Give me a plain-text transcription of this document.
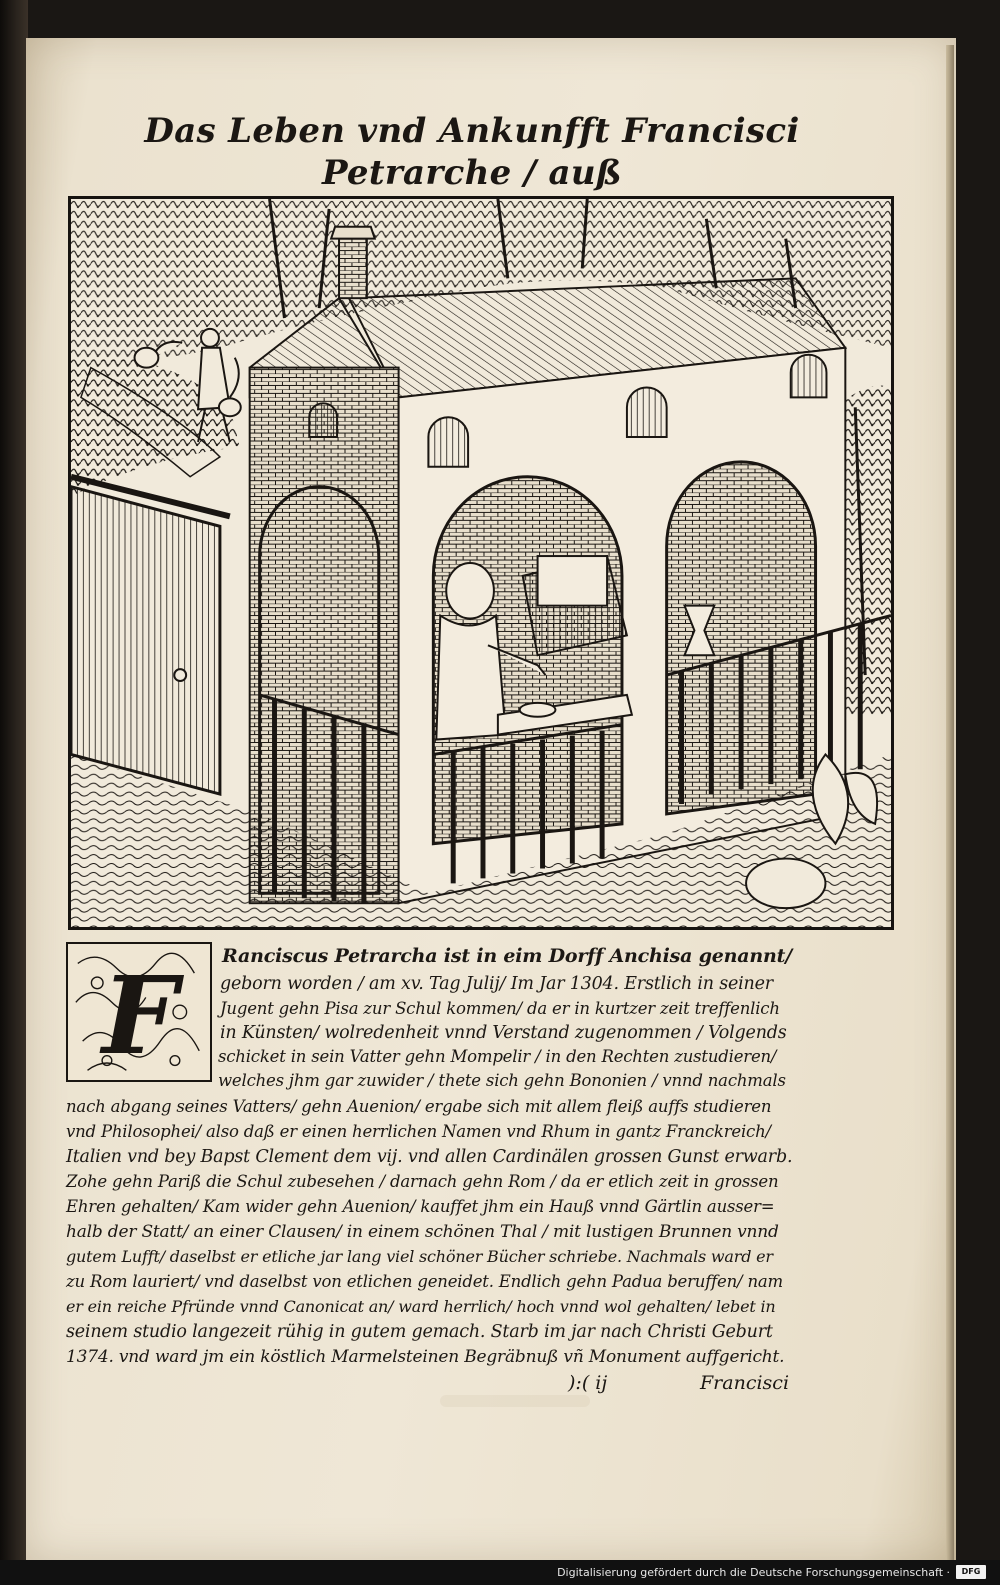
Das Leben vnd Ankunfft Francisci Petrarche / auß
F	Ranciscus Petrarcha ist in eim Dorff Anchisa genannt/
geborn worden / am xv. Tag Julij/ Im Jar 1304. Erstlich in seiner
Jugent gehn Pisa zur Schul kommen/ da er in kurtzer zeit treffenlich
in Künsten/ wolredenheit vnnd Verstand zugenommen / Volgends
schicket in sein Vatter gehn Mompelir / in den Rechten zustudieren/
welches jhm gar zuwider / thete sich gehn Bononien / vnnd nachmals
nach abgang seines Vatters/ gehn Auenion/ ergabe sich mit allem fleiß auffs studieren
vnd Philosophei/ also daß er einen herrlichen Namen vnd Rhum in gantz Franckreich/
Italien vnd bey Bapst Clement dem vij. vnd allen Cardinälen grossen Gunst erwarb.
Zohe gehn Pariß die Schul zubesehen / darnach gehn Rom / da er etlich zeit in grossen
Ehren gehalten/ Kam wider gehn Auenion/ kauffet jhm ein Hauß vnnd Gärtlin ausser=
halb der Statt/ an einer Clausen/ in einem schönen Thal / mit lustigen Brunnen vnnd
gutem Lufft/ daselbst er etliche jar lang viel schöner Bücher schriebe. Nachmals ward er
zu Rom lauriert/ vnd daselbst von etlichen geneidet. Endlich gehn Padua beruffen/ nam
er ein reiche Pfründe vnnd Canonicat an/ ward herrlich/ hoch vnnd wol gehalten/ lebet in
seinem studio langezeit rühig in gutem gemach. Starb im jar nach Christi Geburt
1374. vnd ward jm ein köstlich Marmelsteinen Begräbnuß vñ Monument auffgericht.
):( ij	Francisci
Digitalisierung gefördert durch die Deutsche Forschungsgemeinschaft ·	DFG
